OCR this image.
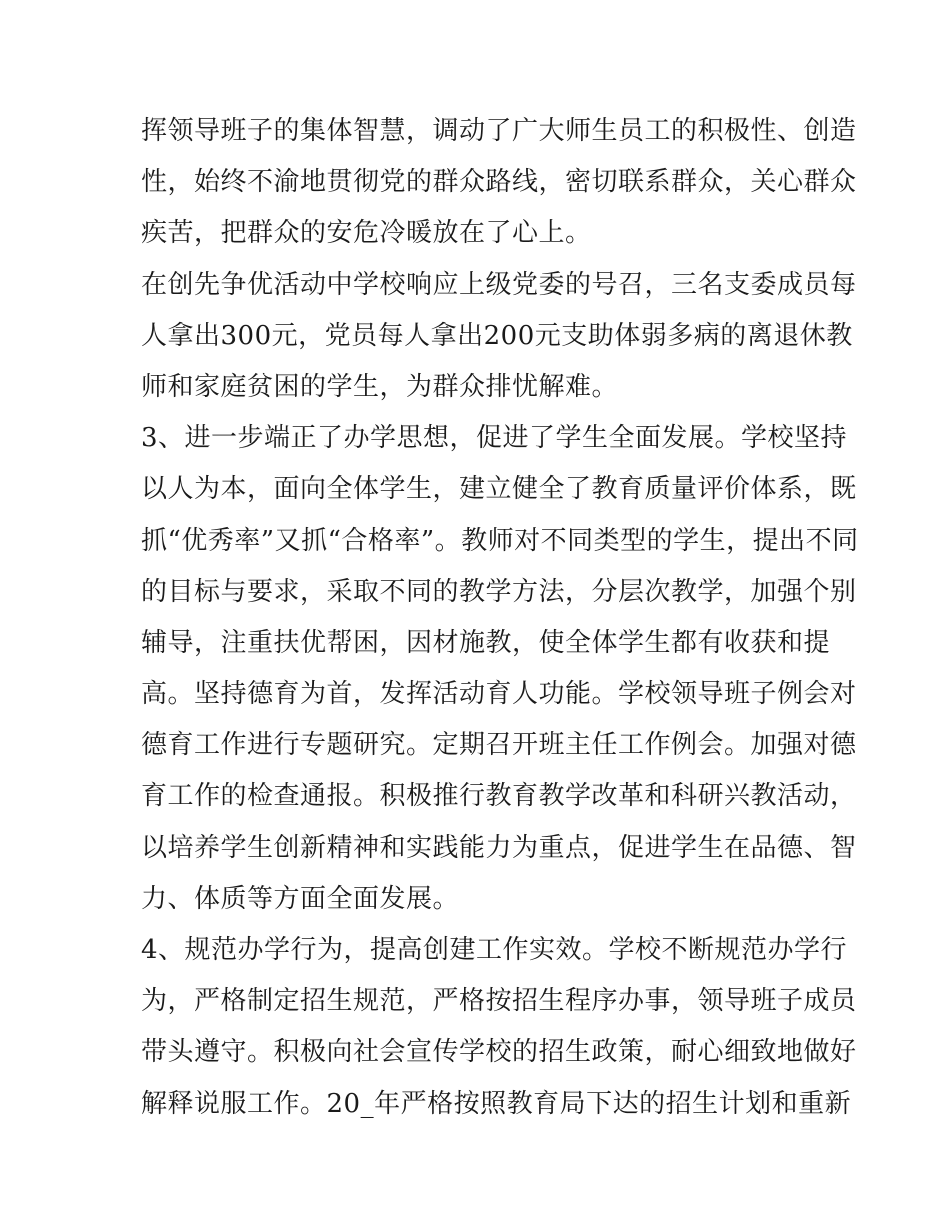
挥领导班子的集体智慧，调动了广大师生员工的积极性、创造
性，始终不渝地贯彻党的群众路线，密切联系群众，关心群众
疾苦，把群众的安危冷暖放在了心上。
在创先争优活动中学校响应上级党委的号召，三名支委成员每
人拿出300元，党员每人拿出200元支助体弱多病的离退休教
师和家庭贫困的学生，为群众排忧解难。
3、进一步端正了办学思想，促进了学生全面发展。学校坚持
以人为本，面向全体学生，建立健全了教育质量评价体系，既
抓“优秀率”又抓“合格率”。教师对不同类型的学生，提出不同
的目标与要求，采取不同的教学方法，分层次教学，加强个别
辅导，注重扶优帮困，因材施教，使全体学生都有收获和提
高。坚持德育为首，发挥活动育人功能。学校领导班子例会对
德育工作进行专题研究。定期召开班主任工作例会。加强对德
育工作的检查通报。积极推行教育教学改革和科研兴教活动，
以培养学生创新精神和实践能力为重点，促进学生在品德、智
力、体质等方面全面发展。
4、规范办学行为，提高创建工作实效。学校不断规范办学行
为，严格制定招生规范，严格按招生程序办事，领导班子成员
带头遵守。积极向社会宣传学校的招生政策，耐心细致地做好
解释说服工作。20_年严格按照教育局下达的招生计划和重新
